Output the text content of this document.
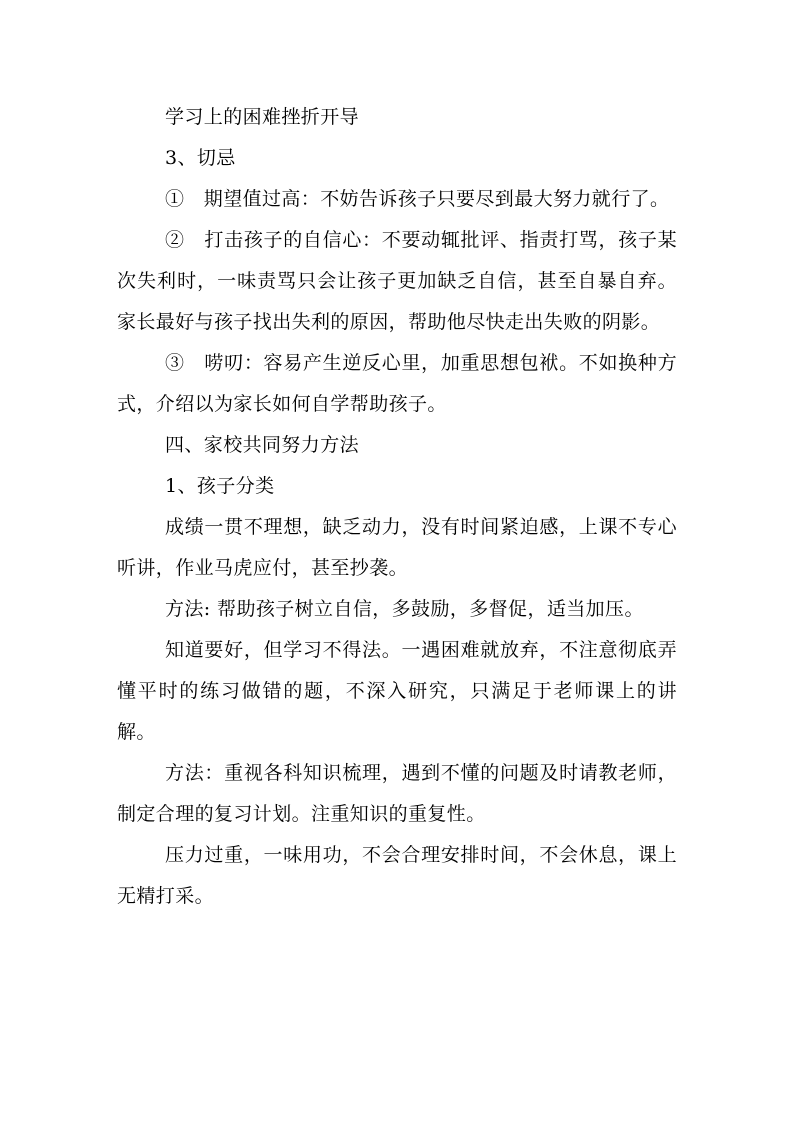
学习上的困难挫折开导

3、切忌

①　期望值过高：不妨告诉孩子只要尽到最大努力就行了。

②　打击孩子的自信心：不要动辄批评、指责打骂，孩子某次失利时，一味责骂只会让孩子更加缺乏自信，甚至自暴自弃。家长最好与孩子找出失利的原因，帮助他尽快走出失败的阴影。

③　唠叨：容易产生逆反心里，加重思想包袱。不如换种方式，介绍以为家长如何自学帮助孩子。

四、家校共同努力方法

1、孩子分类

成绩一贯不理想，缺乏动力，没有时间紧迫感，上课不专心听讲，作业马虎应付，甚至抄袭。

方法: 帮助孩子树立自信，多鼓励，多督促，适当加压。

知道要好，但学习不得法。一遇困难就放弃，不注意彻底弄懂平时的练习做错的题，不深入研究，只满足于老师课上的讲解。

方法：重视各科知识梳理，遇到不懂的问题及时请教老师，制定合理的复习计划。注重知识的重复性。

压力过重，一味用功，不会合理安排时间，不会休息，课上无精打采。
